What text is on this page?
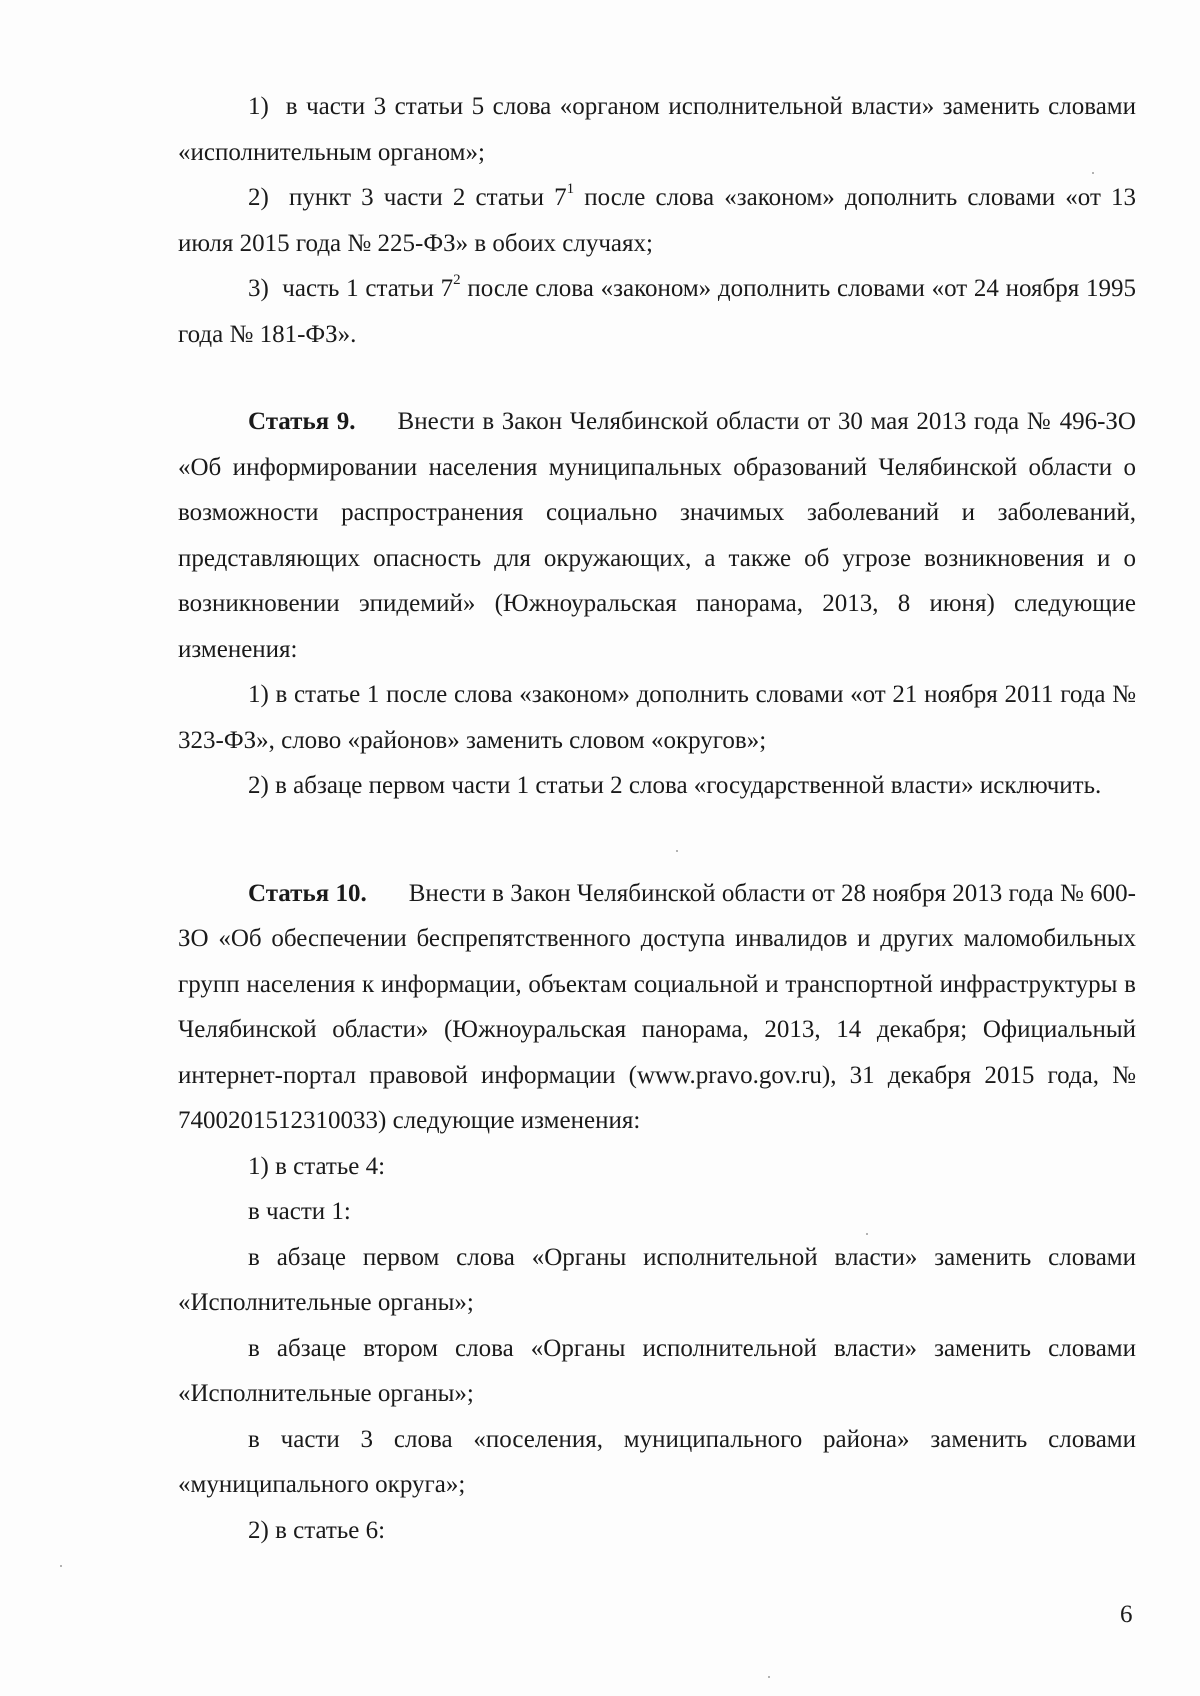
1)  в части 3 статьи 5 слова «органом исполнительной власти» заменить словами «исполнительным органом»;

2)  пункт 3 части 2 статьи $7^1$ после слова «законом» дополнить словами «от 13 июля 2015 года № 225-ФЗ» в обоих случаях;

3)  часть 1 статьи $7^2$ после слова «законом» дополнить словами «от 24 ноября 1995 года № 181-ФЗ».

Статья 9. Внести в Закон Челябинской области от 30 мая 2013 года № 496-ЗО «Об информировании населения муниципальных образований Челябинской области о возможности распространения социально значимых заболеваний и заболеваний, представляющих опасность для окружающих, а также об угрозе возникновения и о возникновении эпидемий» (Южноуральская панорама, 2013, 8 июня) следующие изменения:

1) в статье 1 после слова «законом» дополнить словами «от 21 ноября 2011 года № 323-ФЗ», слово «районов» заменить словом «округов»;

2) в абзаце первом части 1 статьи 2 слова «государственной власти» исключить.

Статья 10. Внести в Закон Челябинской области от 28 ноября 2013 года № 600-ЗО «Об обеспечении беспрепятственного доступа инвалидов и других маломобильных групп населения к информации, объектам социальной и транспортной инфраструктуры в Челябинской области» (Южноуральская панорама, 2013, 14 декабря; Официальный интернет-портал правовой информации (www.pravo.gov.ru), 31 декабря 2015 года, № 7400201512310033) следующие изменения:

1) в статье 4:

в части 1:

в абзаце первом слова «Органы исполнительной власти» заменить словами «Исполнительные органы»;

в абзаце втором слова «Органы исполнительной власти» заменить словами «Исполнительные органы»;

в части 3 слова «поселения, муниципального района» заменить словами «муниципального округа»;

2) в статье 6:

6
